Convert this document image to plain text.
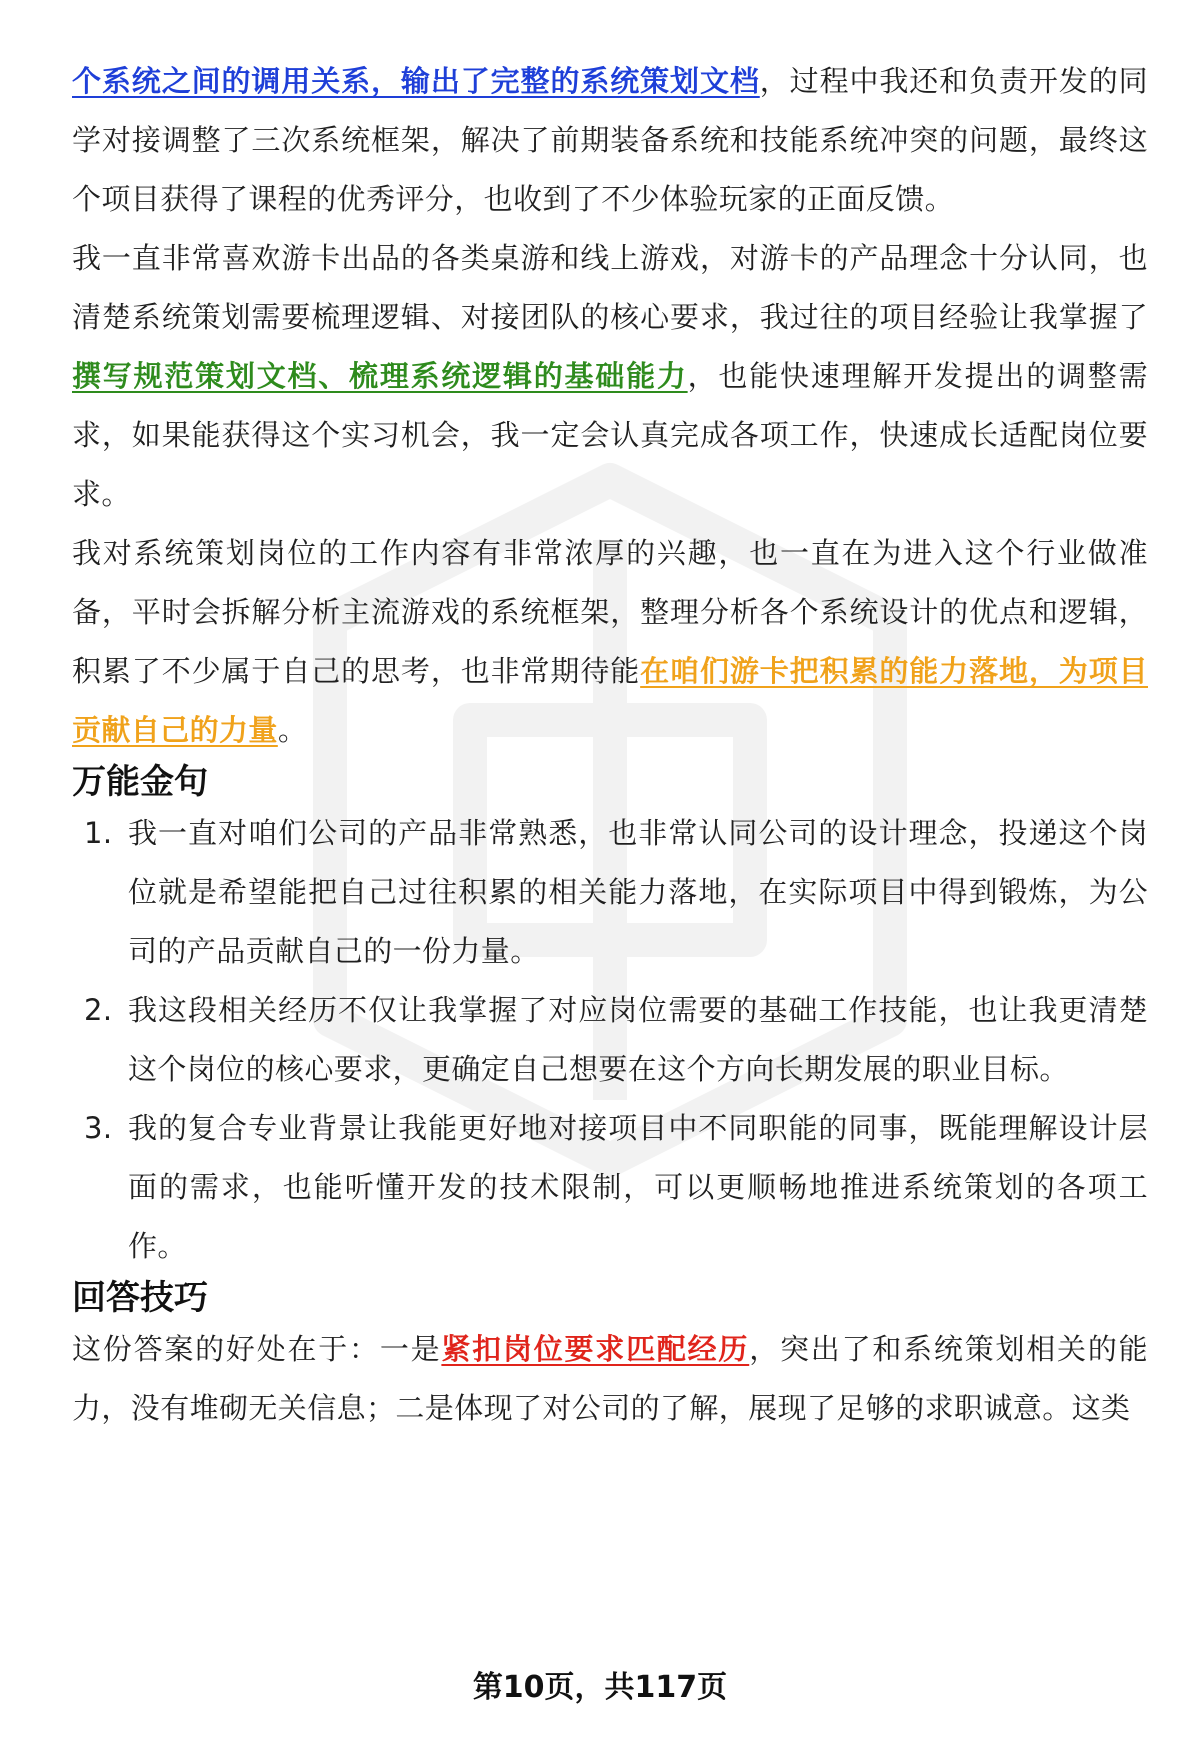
个系统之间的调用关系，输出了完整的系统策划文档，过程中我还和负责开发的同学对接调整了三次系统框架，解决了前期装备系统和技能系统冲突的问题，最终这个项目获得了课程的优秀评分，也收到了不少体验玩家的正面反馈。

我一直非常喜欢游卡出品的各类桌游和线上游戏，对游卡的产品理念十分认同，也清楚系统策划需要梳理逻辑、对接团队的核心要求，我过往的项目经验让我掌握了撰写规范策划文档、梳理系统逻辑的基础能力，也能快速理解开发提出的调整需求，如果能获得这个实习机会，我一定会认真完成各项工作，快速成长适配岗位要求。

我对系统策划岗位的工作内容有非常浓厚的兴趣，也一直在为进入这个行业做准备，平时会拆解分析主流游戏的系统框架，整理分析各个系统设计的优点和逻辑，积累了不少属于自己的思考，也非常期待能在咱们游卡把积累的能力落地，为项目贡献自己的力量。

万能金句
1. 我一直对咱们公司的产品非常熟悉，也非常认同公司的设计理念，投递这个岗位就是希望能把自己过往积累的相关能力落地，在实际项目中得到锻炼，为公司的产品贡献自己的一份力量。
2. 我这段相关经历不仅让我掌握了对应岗位需要的基础工作技能，也让我更清楚这个岗位的核心要求，更确定自己想要在这个方向长期发展的职业目标。
3. 我的复合专业背景让我能更好地对接项目中不同职能的同事，既能理解设计层面的需求，也能听懂开发的技术限制，可以更顺畅地推进系统策划的各项工作。
回答技巧

这份答案的好处在于：一是紧扣岗位要求匹配经历，突出了和系统策划相关的能力，没有堆砌无关信息；二是体现了对公司的了解，展现了足够的求职诚意。这类

第10页，共117页
